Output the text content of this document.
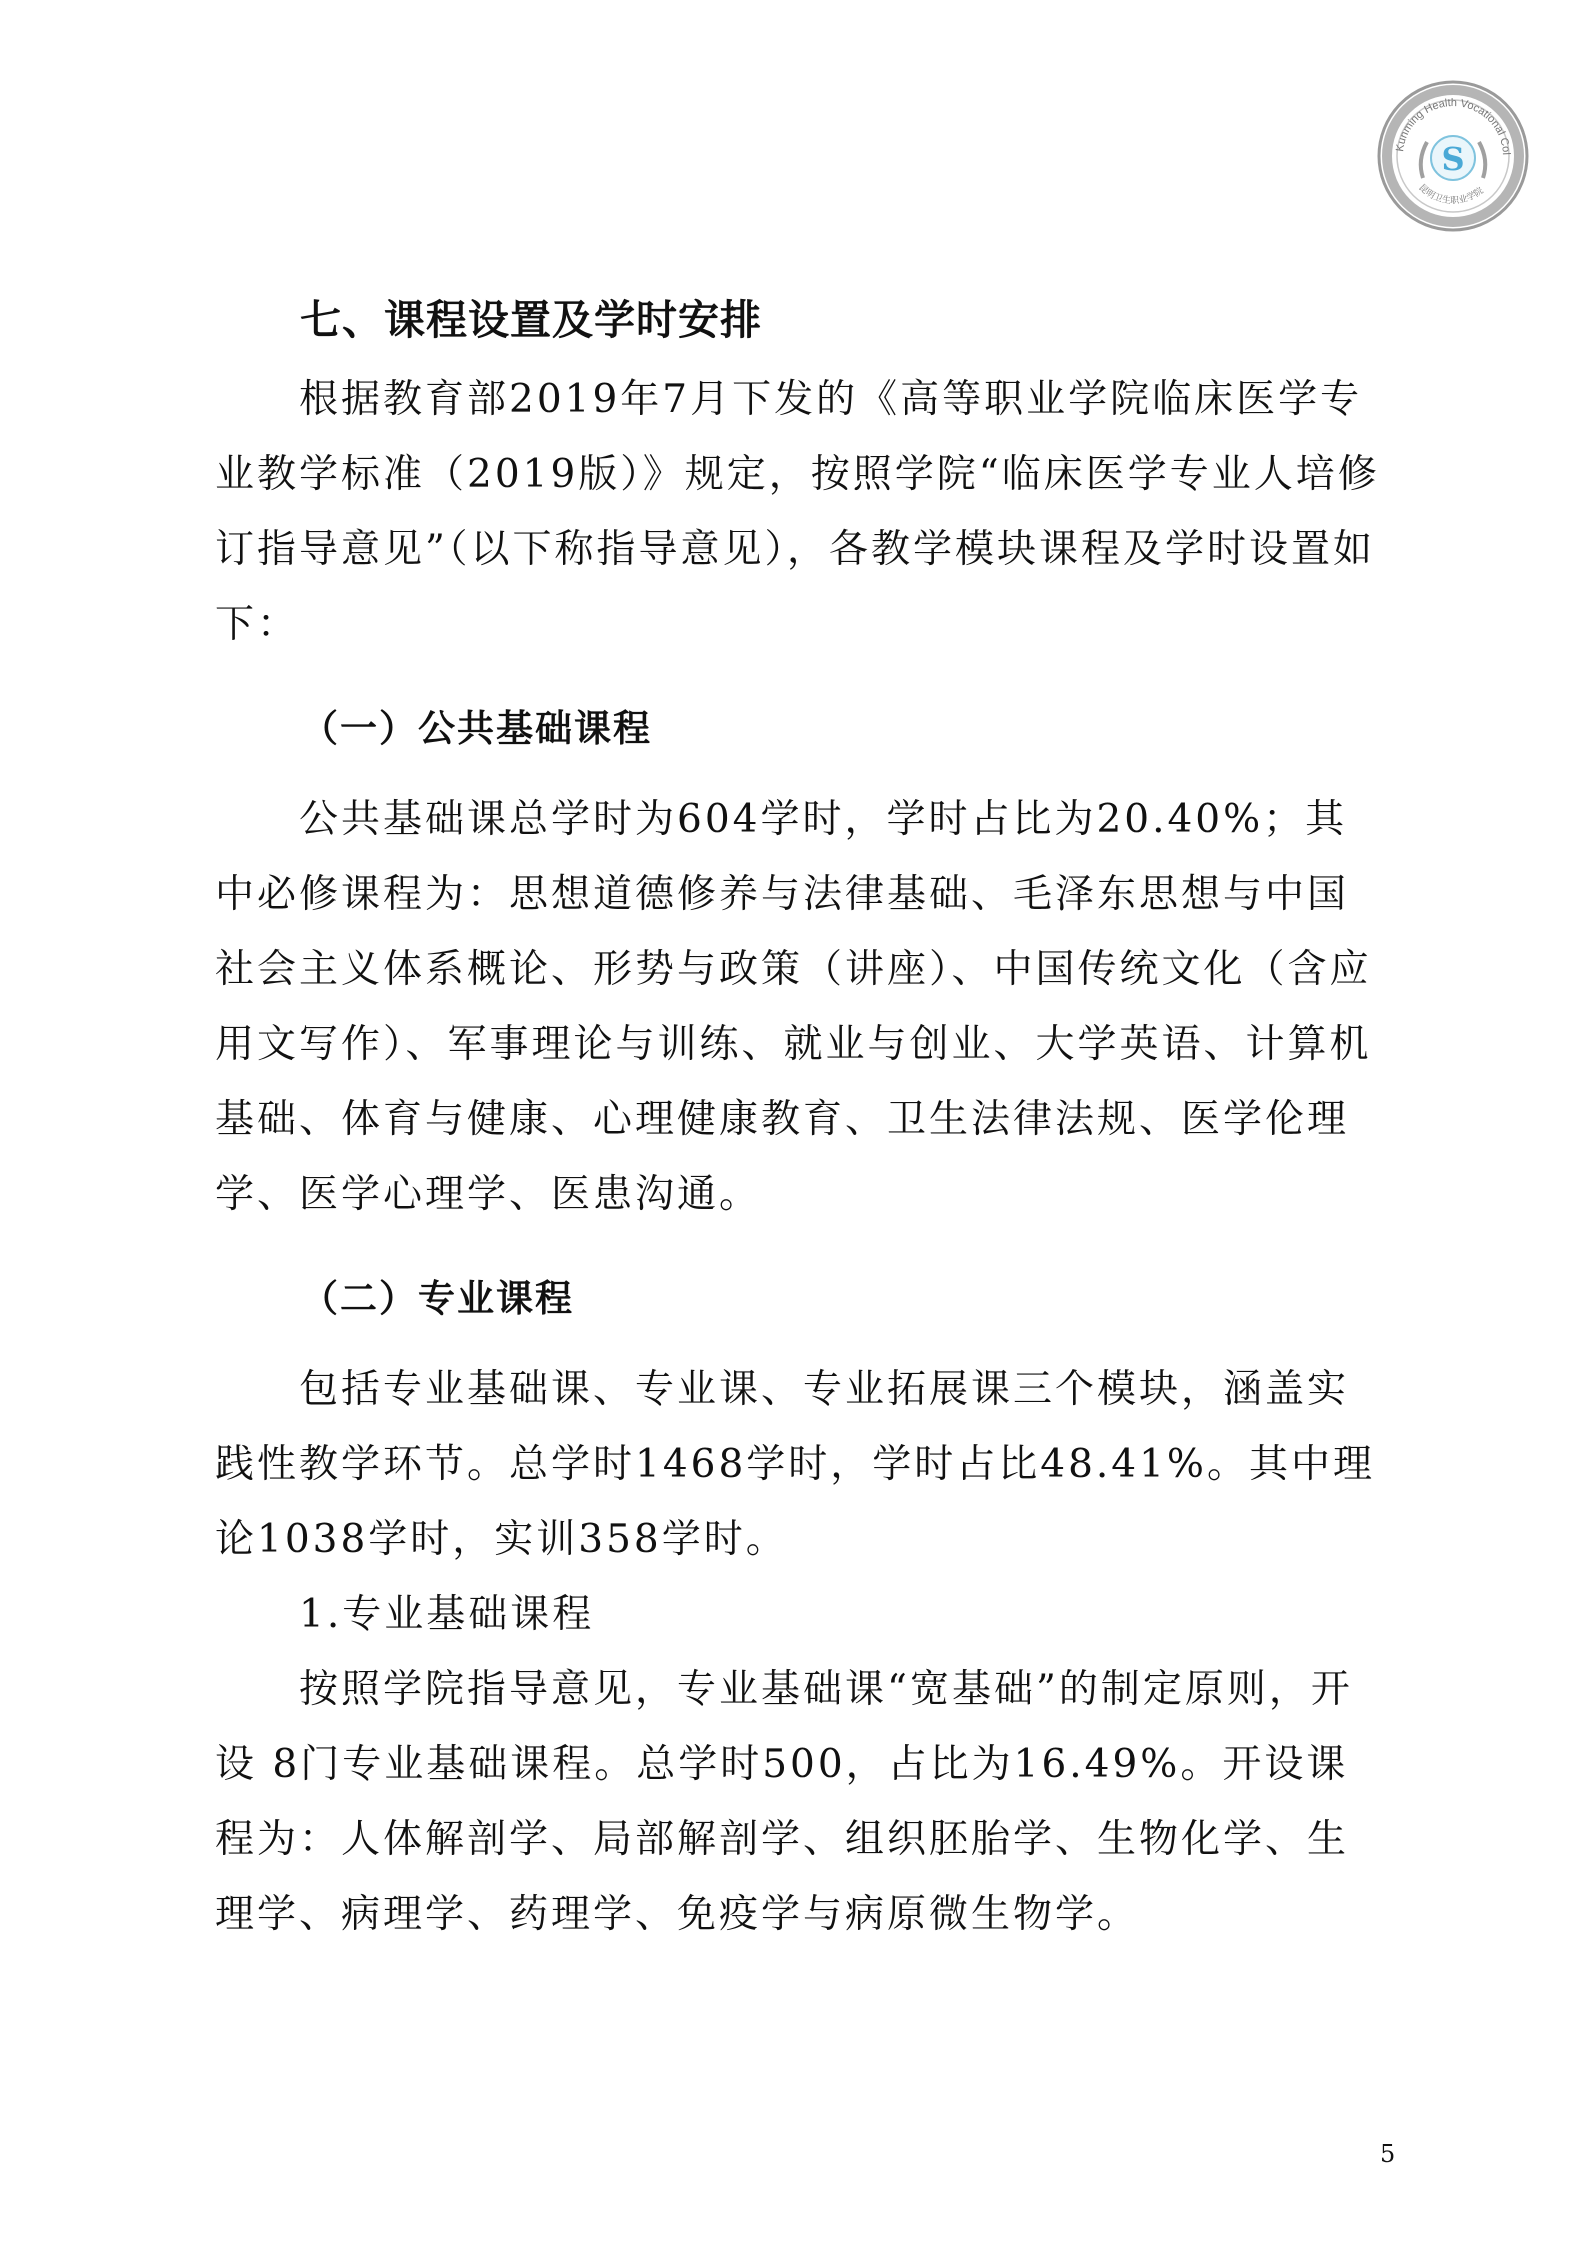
Kunming Health Vocational Col
昆明卫生职业学院
S
七、课程设置及学时安排

根据教育部2019年7月下发的《高等职业学院临床医学专业教学标准（2019版）》规定，按照学院“临床医学专业人培修订指导意见”（以下称指导意见），各教学模块课程及学时设置如下：

（一）公共基础课程

公共基础课总学时为604学时，学时占比为20.40%；其中必修课程为：思想道德修养与法律基础、毛泽东思想与中国社会主义体系概论、形势与政策（讲座）、中国传统文化（含应用文写作）、军事理论与训练、就业与创业、大学英语、计算机基础、体育与健康、心理健康教育、卫生法律法规、医学伦理学、医学心理学、医患沟通。

（二）专业课程

包括专业基础课、专业课、专业拓展课三个模块，涵盖实践性教学环节。总学时1468学时，学时占比48.41%。其中理论1038学时，实训358学时。

1.专业基础课程

按照学院指导意见，专业基础课“宽基础”的制定原则，开设 8门专业基础课程。总学时500，占比为16.49%。开设课程为：人体解剖学、局部解剖学、组织胚胎学、生物化学、生理学、病理学、药理学、免疫学与病原微生物学。

5
